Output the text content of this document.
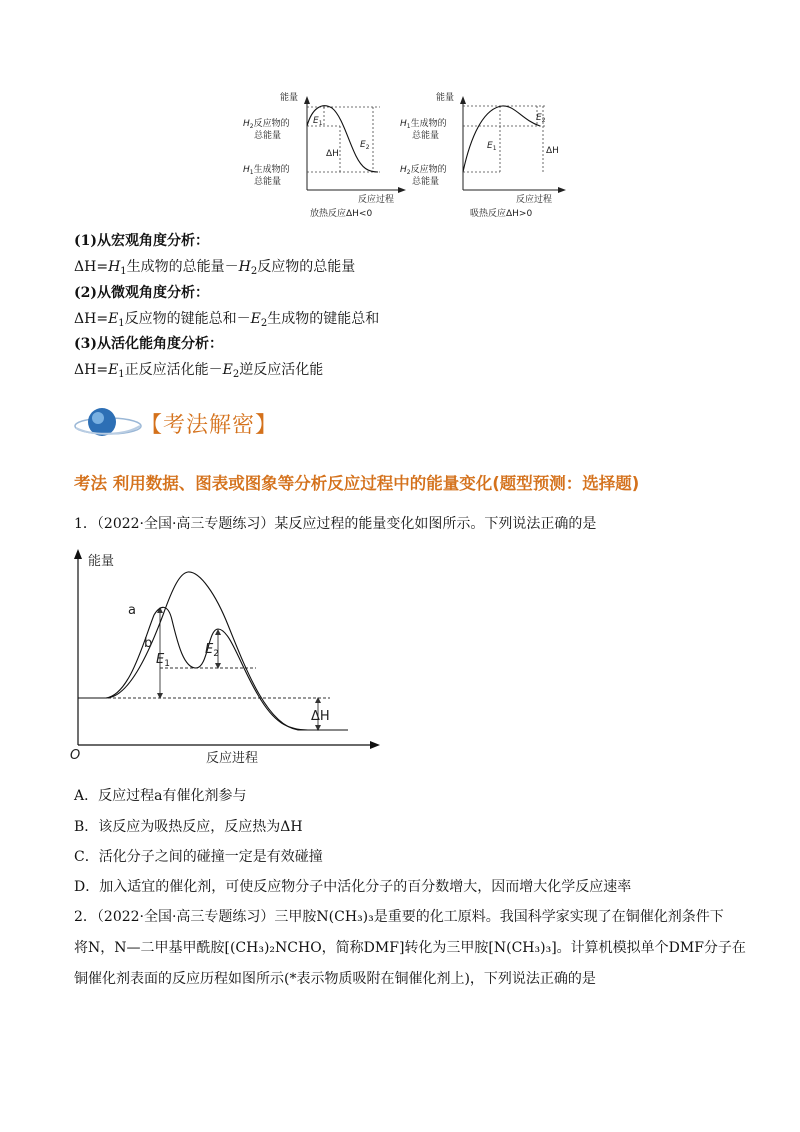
能量
$H_2$反应物的
总能量
$H_1$生成物的
总能量
$E_1$
ΔH
$E_2$
反应过程
放热反应ΔH<0
能量
$H_1$生成物的
总能量
$H_2$反应物的
总能量
$E_1$
$E_2$
ΔH
反应过程
吸热反应ΔH>0
(1)从宏观角度分析：
$\Delta H=H_1$生成物的总能量$-H_2$反应物的总能量
(2)从微观角度分析：
$\Delta H=E_1$反应物的键能总和$-E_2$生成物的键能总和
(3)从活化能角度分析：
$\Delta H=E_1$正反应活化能$-E_2$逆反应活化能
【考法解密】
考法 利用数据、图表或图象等分析反应过程中的能量变化(题型预测：选择题)
1．（2022·全国·高三专题练习）某反应过程的能量变化如图所示。下列说法正确的是
能量
a
b
$E_1$
$E_2$
ΔH
O	反应进程
A．反应过程a有催化剂参与
B．该反应为吸热反应，反应热为ΔH
C．活化分子之间的碰撞一定是有效碰撞
D．加入适宜的催化剂，可使反应物分子中活化分子的百分数增大，因而增大化学反应速率
2．（2022·全国·高三专题练习）三甲胺N(CH₃)₃是重要的化工原料。我国科学家实现了在铜催化剂条件下
将N，N—二甲基甲酰胺[(CH₃)₂NCHO，简称DMF]转化为三甲胺[N(CH₃)₃]。计算机模拟单个DMF分子在
铜催化剂表面的反应历程如图所示(*表示物质吸附在铜催化剂上)，下列说法正确的是
